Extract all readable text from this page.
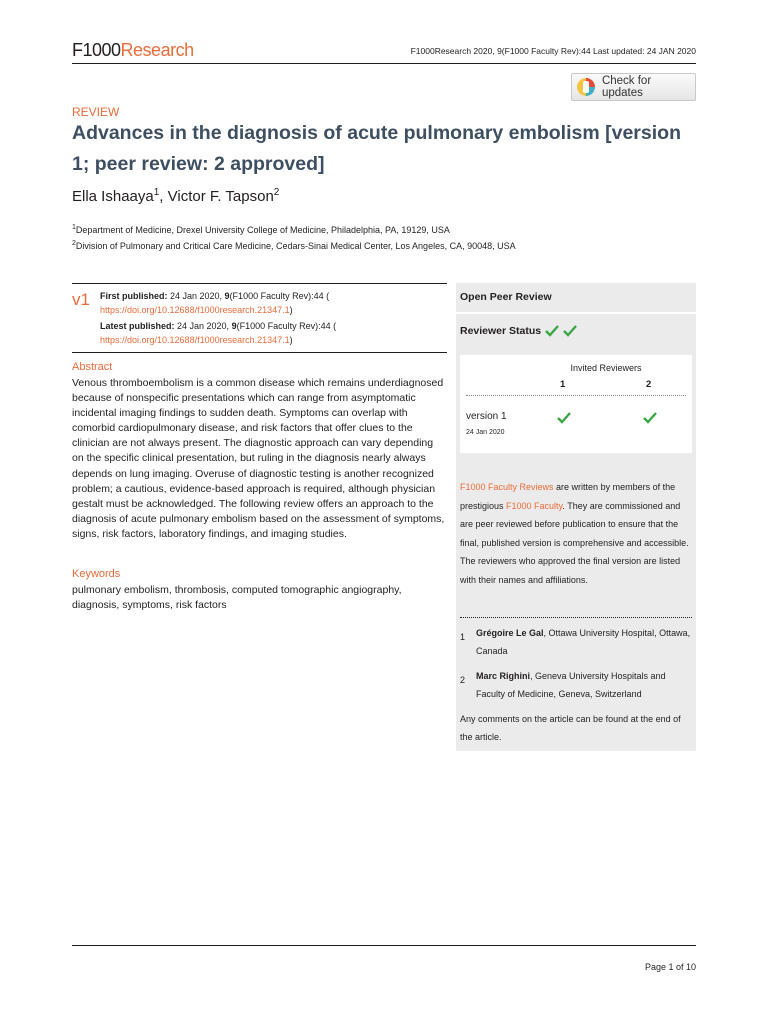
F1000Research	F1000Research 2020, 9(F1000 Faculty Rev):44 Last updated: 24 JAN 2020
Check for updates
REVIEW
Advances in the diagnosis of acute pulmonary embolism [version 1; peer review: 2 approved]
Ella Ishaaya$^1$, Victor F. Tapson$^2$
$^1$Department of Medicine, Drexel University College of Medicine, Philadelphia, PA, 19129, USA
$^2$Division of Pulmonary and Critical Care Medicine, Cedars-Sinai Medical Center, Los Angeles, CA, 90048, USA
v1 First published: 24 Jan 2020, 9(F1000 Faculty Rev):44 (
https://doi.org/10.12688/f1000research.21347.1)
Latest published: 24 Jan 2020, 9(F1000 Faculty Rev):44 (
https://doi.org/10.12688/f1000research.21347.1)
Abstract
Venous thromboembolism is a common disease which remains underdiagnosed because of nonspecific presentations which can range from asymptomatic incidental imaging findings to sudden death. Symptoms can overlap with comorbid cardiopulmonary disease, and risk factors that offer clues to the clinician are not always present. The diagnostic approach can vary depending on the specific clinical presentation, but ruling in the diagnosis nearly always depends on lung imaging. Overuse of diagnostic testing is another recognized problem; a cautious, evidence-based approach is required, although physician gestalt must be acknowledged. The following review offers an approach to the diagnosis of acute pulmonary embolism based on the assessment of symptoms, signs, risk factors, laboratory findings, and imaging studies.
Keywords
pulmonary embolism, thrombosis, computed tomographic angiography, diagnosis, symptoms, risk factors
Open Peer Review
Reviewer Status
Invited Reviewers
1	2
version 1
24 Jan 2020
F1000 Faculty Reviews are written by members of the prestigious F1000 Faculty. They are commissioned and are peer reviewed before publication to ensure that the final, published version is comprehensive and accessible. The reviewers who approved the final version are listed with their names and affiliations.
1	Grégoire Le Gal, Ottawa University Hospital, Ottawa, Canada
2	Marc Righini, Geneva University Hospitals and Faculty of Medicine, Geneva, Switzerland
Any comments on the article can be found at the end of the article.
Page 1 of 10
